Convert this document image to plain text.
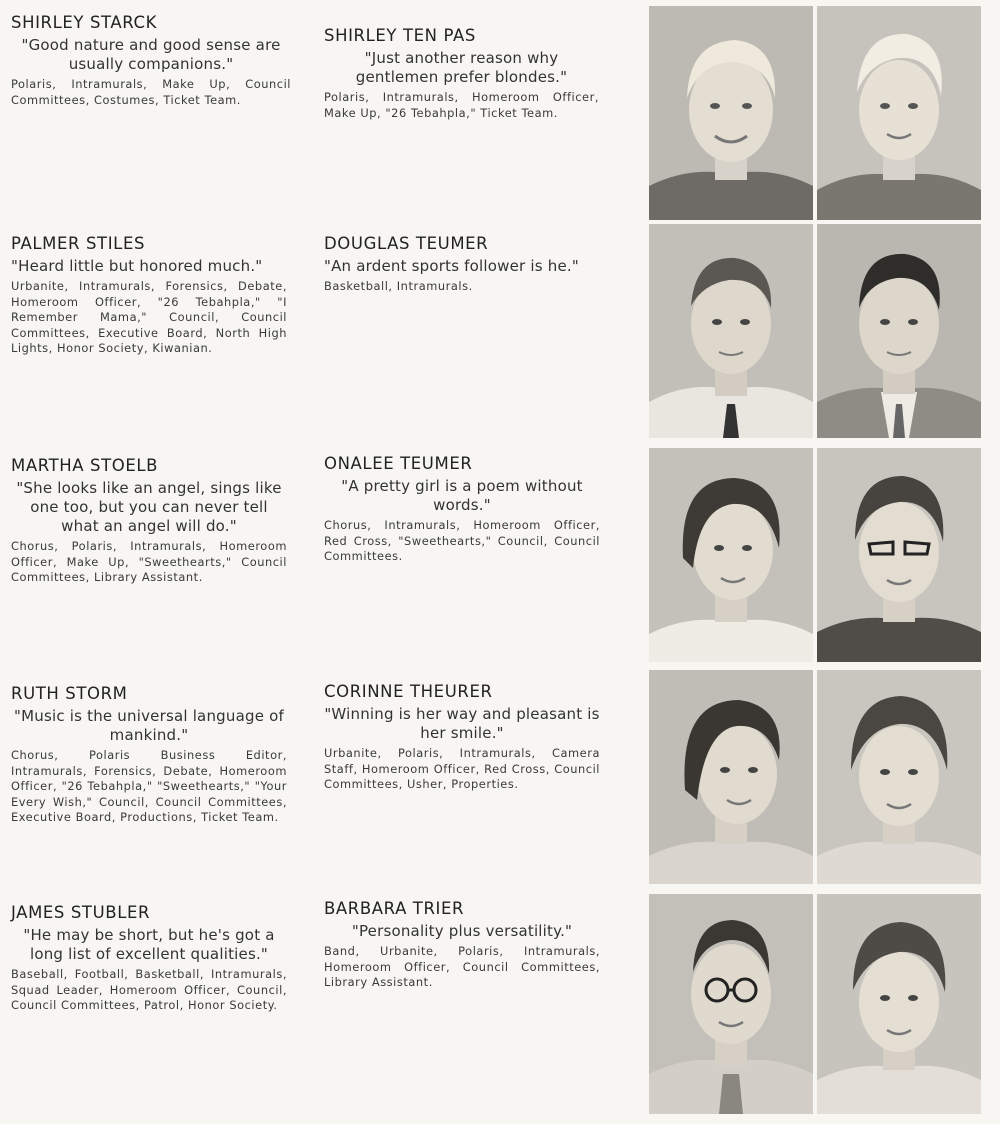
SHIRLEY STARCK

"Good nature and good sense are usually companions."

Polaris, Intramurals, Make Up, Council Committees, Costumes, Ticket Team.

SHIRLEY TEN PAS

"Just another reason why gentlemen prefer blondes."

Polaris, Intramurals, Homeroom Officer, Make Up, "26 Tebahpla," Ticket Team.

PALMER STILES

"Heard little but honored much."

Urbanite, Intramurals, Forensics, Debate, Homeroom Officer, "26 Tebahpla," "I Remember Mama," Council, Council Committees, Executive Board, North High Lights, Honor Society, Kiwanian.

DOUGLAS TEUMER

"An ardent sports follower is he."

Basketball, Intramurals.

MARTHA STOELB

"She looks like an angel, sings like one too, but you can never tell what an angel will do."

Chorus, Polaris, Intramurals, Homeroom Officer, Make Up, "Sweethearts," Council Committees, Library Assistant.

ONALEE TEUMER

"A pretty girl is a poem without words."

Chorus, Intramurals, Homeroom Officer, Red Cross, "Sweethearts," Council, Council Committees.

RUTH STORM

"Music is the universal language of mankind."

Chorus, Polaris Business Editor, Intramurals, Forensics, Debate, Homeroom Officer, "26 Tebahpla," "Sweethearts," "Your Every Wish," Council, Council Committees, Executive Board, Productions, Ticket Team.

CORINNE THEURER

"Winning is her way and pleasant is her smile."

Urbanite, Polaris, Intramurals, Camera Staff, Homeroom Officer, Red Cross, Council Committees, Usher, Properties.

JAMES STUBLER

"He may be short, but he's got a long list of excellent qualities."

Baseball, Football, Basketball, Intramurals, Squad Leader, Homeroom Officer, Council, Council Committees, Patrol, Honor Society.

BARBARA TRIER

"Personality plus versatility."

Band, Urbanite, Polaris, Intramurals, Homeroom Officer, Council Committees, Library Assistant.
